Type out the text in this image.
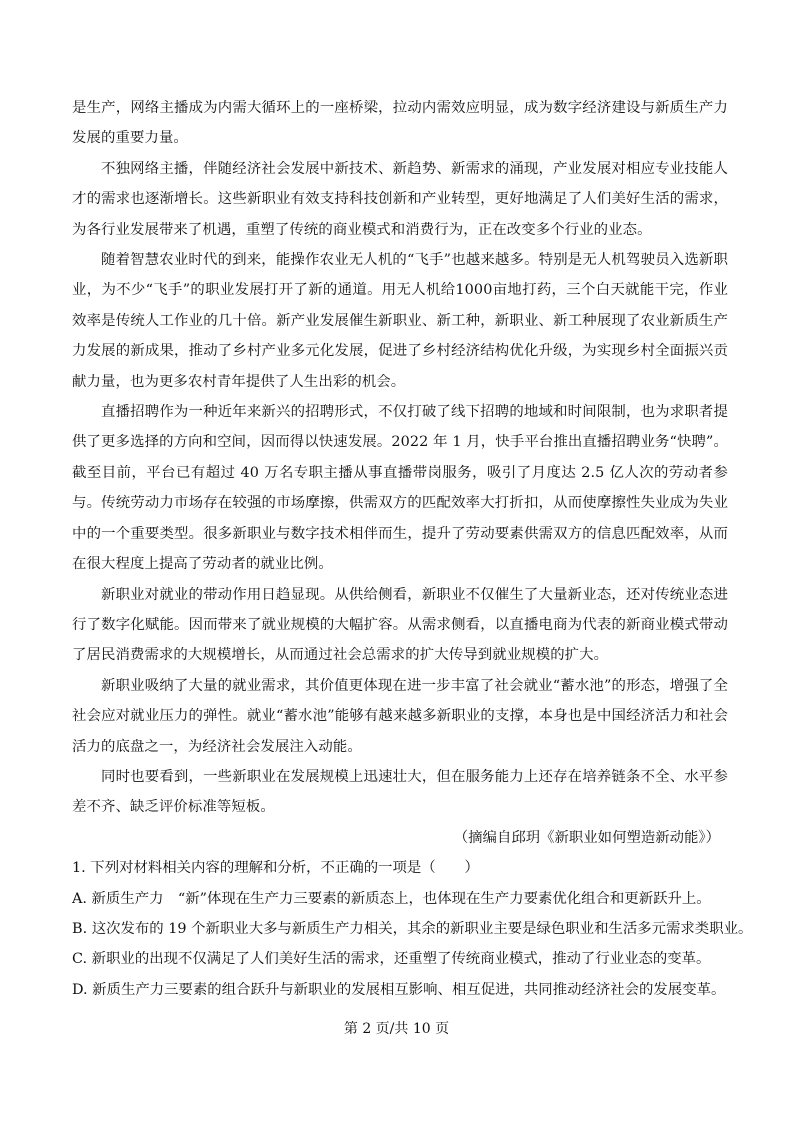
是生产，网络主播成为内需大循环上的一座桥梁，拉动内需效应明显，成为数字经济建设与新质生产力发展的重要力量。

不独网络主播，伴随经济社会发展中新技术、新趋势、新需求的涌现，产业发展对相应专业技能人才的需求也逐渐增长。这些新职业有效支持科技创新和产业转型，更好地满足了人们美好生活的需求，为各行业发展带来了机遇，重塑了传统的商业模式和消费行为，正在改变多个行业的业态。

随着智慧农业时代的到来，能操作农业无人机的“飞手”也越来越多。特别是无人机驾驶员入选新职业，为不少“飞手”的职业发展打开了新的通道。用无人机给1000亩地打药，三个白天就能干完，作业效率是传统人工作业的几十倍。新产业发展催生新职业、新工种，新职业、新工种展现了农业新质生产力发展的新成果，推动了乡村产业多元化发展，促进了乡村经济结构优化升级，为实现乡村全面振兴贡献力量，也为更多农村青年提供了人生出彩的机会。

直播招聘作为一种近年来新兴的招聘形式，不仅打破了线下招聘的地域和时间限制，也为求职者提供了更多选择的方向和空间，因而得以快速发展。2022 年 1 月，快手平台推出直播招聘业务“快聘”。截至目前，平台已有超过 40 万名专职主播从事直播带岗服务，吸引了月度达 2.5 亿人次的劳动者参与。传统劳动力市场存在较强的市场摩擦，供需双方的匹配效率大打折扣，从而使摩擦性失业成为失业中的一个重要类型。很多新职业与数字技术相伴而生，提升了劳动要素供需双方的信息匹配效率，从而在很大程度上提高了劳动者的就业比例。

新职业对就业的带动作用日趋显现。从供给侧看，新职业不仅催生了大量新业态，还对传统业态进行了数字化赋能。因而带来了就业规模的大幅扩容。从需求侧看，以直播电商为代表的新商业模式带动了居民消费需求的大规模增长，从而通过社会总需求的扩大传导到就业规模的扩大。

新职业吸纳了大量的就业需求，其价值更体现在进一步丰富了社会就业“蓄水池”的形态，增强了全社会应对就业压力的弹性。就业“蓄水池”能够有越来越多新职业的支撑，本身也是中国经济活力和社会活力的底盘之一，为经济社会发展注入动能。

同时也要看到，一些新职业在发展规模上迅速壮大，但在服务能力上还存在培养链条不全、水平参差不齐、缺乏评价标准等短板。

（摘编自邱玥《新职业如何塑造新动能》）

1. 下列对材料相关内容的理解和分析，不正确的一项是（　　）

A. 新质生产力　“新”体现在生产力三要素的新质态上，也体现在生产力要素优化组合和更新跃升上。

B. 这次发布的 19 个新职业大多与新质生产力相关，其余的新职业主要是绿色职业和生活多元需求类职业。

C. 新职业的出现不仅满足了人们美好生活的需求，还重塑了传统商业模式，推动了行业业态的变革。

D. 新质生产力三要素的组合跃升与新职业的发展相互影响、相互促进，共同推动经济社会的发展变革。

第 2 页/共 10 页
